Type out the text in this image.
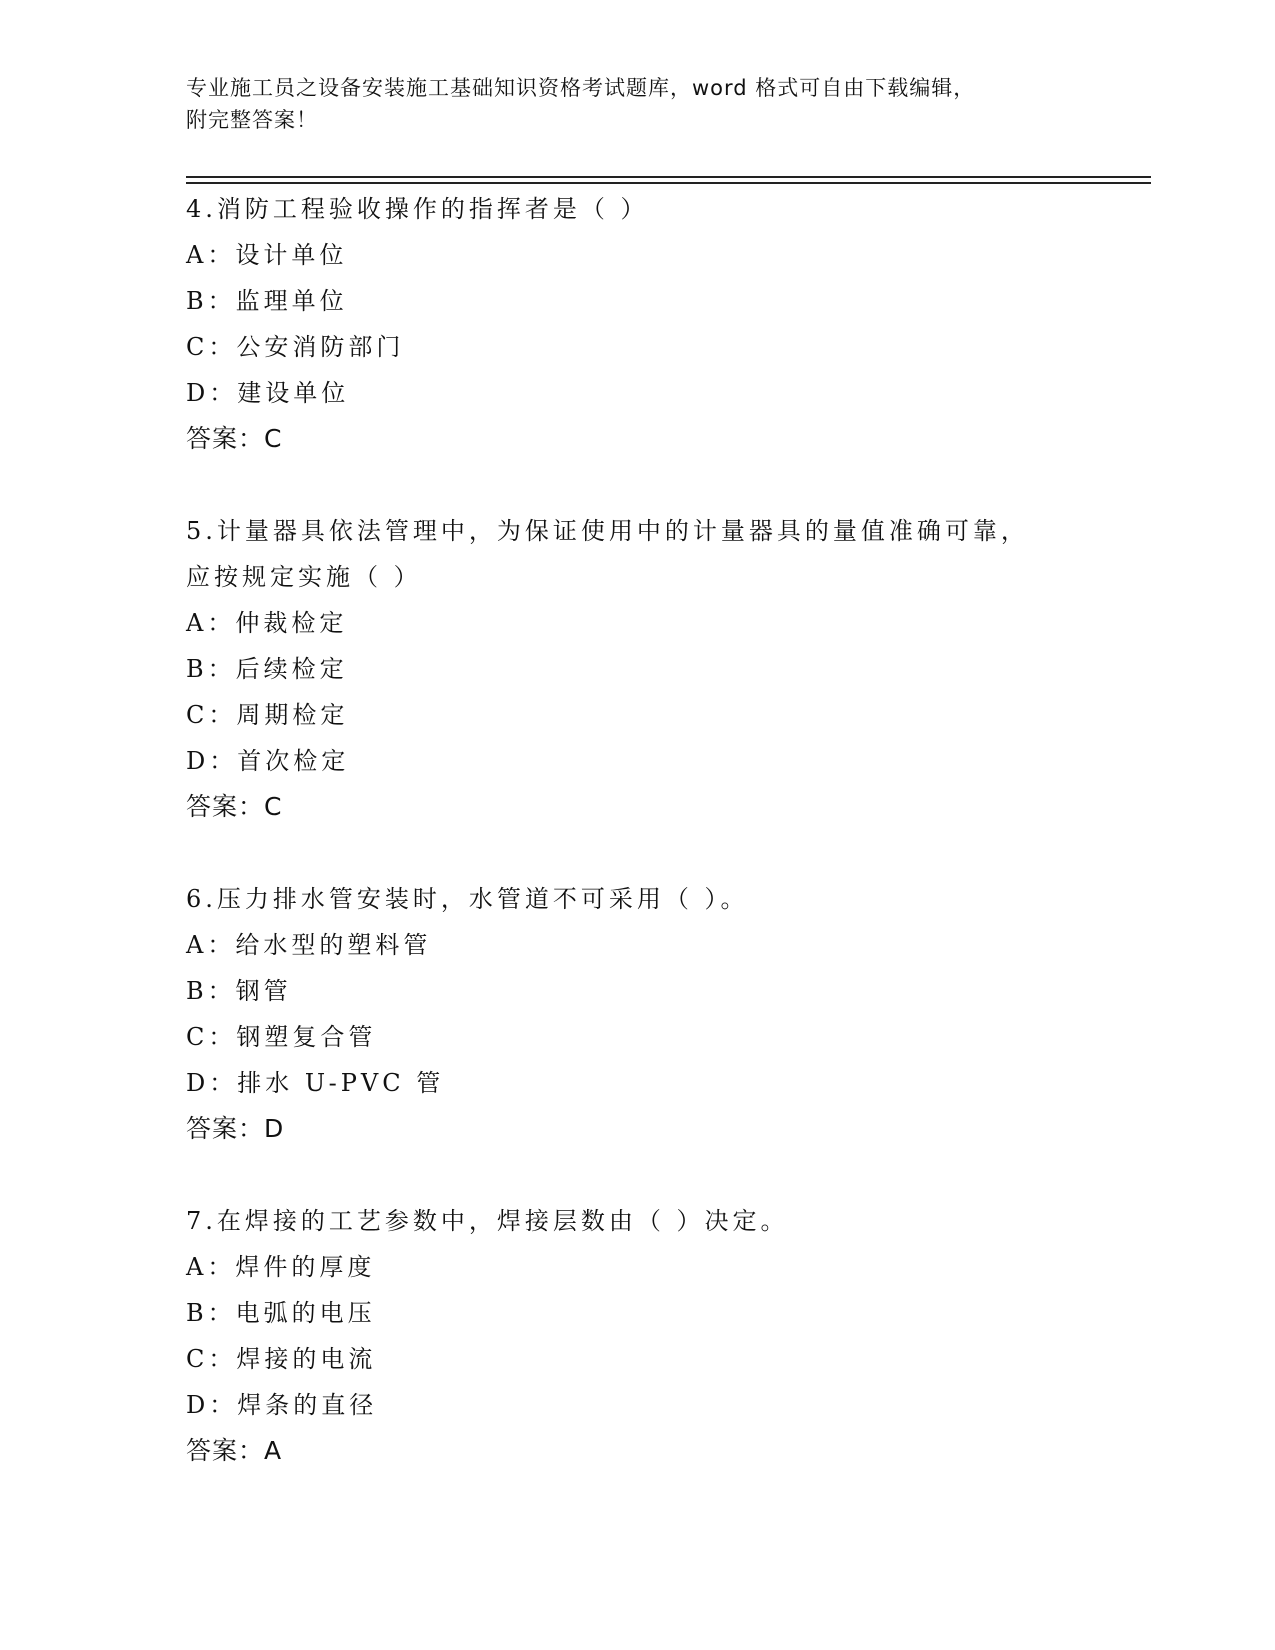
专业施工员之设备安装施工基础知识资格考试题库，word 格式可自由下载编辑，
附完整答案！
4.消防工程验收操作的指挥者是（ ）
A：设计单位
B：监理单位
C：公安消防部门
D：建设单位
答案：C
5.计量器具依法管理中，为保证使用中的计量器具的量值准确可靠，
应按规定实施（ ）
A：仲裁检定
B：后续检定
C：周期检定
D：首次检定
答案：C
6.压力排水管安装时，水管道不可采用（ ）。
A：给水型的塑料管
B：钢管
C：钢塑复合管
D：排水 U-PVC 管
答案：D
7.在焊接的工艺参数中，焊接层数由（ ）决定。
A：焊件的厚度
B：电弧的电压
C：焊接的电流
D：焊条的直径
答案：A
